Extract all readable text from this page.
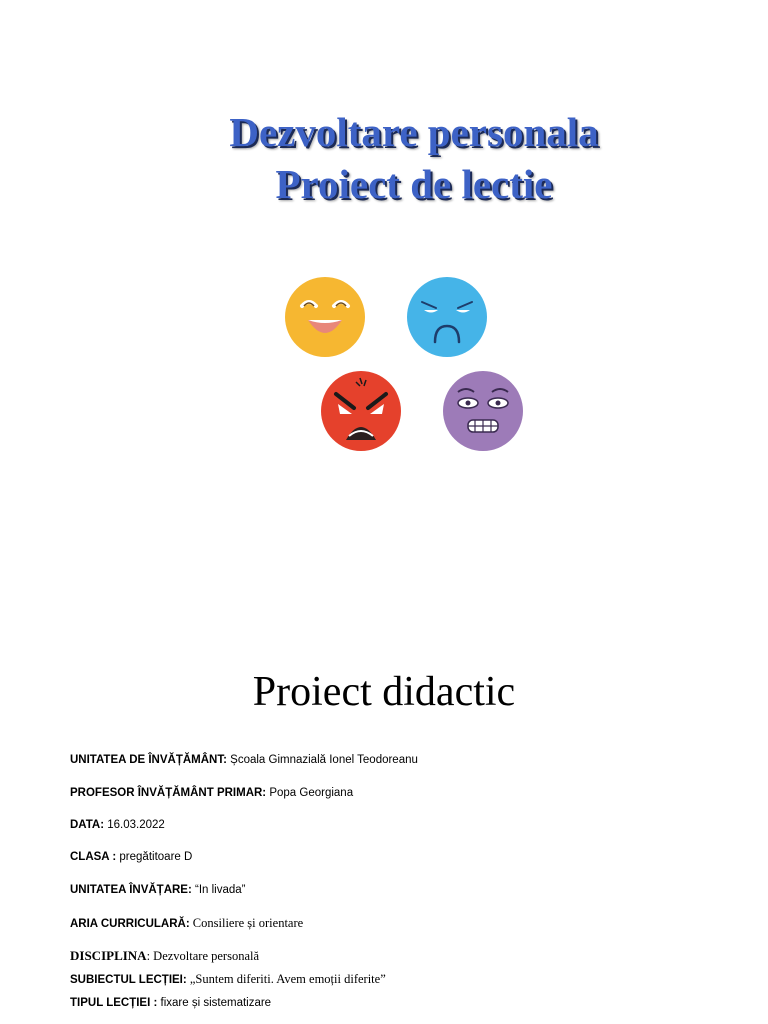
Dezvoltare personala
Proiect de lectie
Proiect didactic
UNITATEA DE ÎNVĂȚĂMÂNT: Școala Gimnazială Ionel Teodoreanu
PROFESOR ÎNVĂȚĂMÂNT PRIMAR: Popa Georgiana
DATA: 16.03.2022
CLASA : pregătitoare D
UNITATEA ÎNVĂȚARE: “In livada”
ARIA CURRICULARĂ: Consiliere și orientare
DISCIPLINA: Dezvoltare personală
SUBIECTUL LECȚIEI: „Suntem diferiti. Avem emoții diferite”
TIPUL LECȚIEI : fixare și sistematizare
